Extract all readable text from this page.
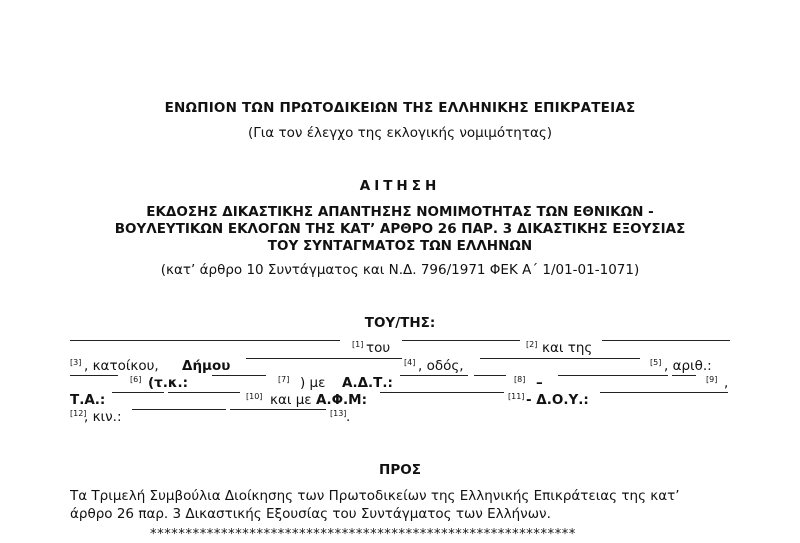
ΕΝΩΠΙΟΝ ΤΩΝ ΠΡΩΤΟΔΙΚΕΙΩΝ ΤΗΣ ΕΛΛΗΝΙΚΗΣ ΕΠΙΚΡΑΤΕΙΑΣ
(Για τον έλεγχο της εκλογικής νομιμότητας)
ΑΙΤΗΣΗ
ΕΚΔΟΣΗΣ ΔΙΚΑΣΤΙΚΗΣ ΑΠΑΝΤΗΣΗΣ ΝΟΜΙΜΟΤΗΤΑΣ ΤΩΝ ΕΘΝΙΚΩΝ -
ΒΟΥΛΕΥΤΙΚΩΝ ΕΚΛΟΓΩΝ ΤΗΣ ΚΑΤ’ ΑΡΘΡΟ 26 ΠΑΡ. 3 ΔΙΚΑΣΤΙΚΗΣ ΕΞΟΥΣΙΑΣ
ΤΟΥ ΣΥΝΤΑΓΜΑΤΟΣ ΤΩΝ ΕΛΛΗΝΩΝ
(κατ’ άρθρο 10 Συντάγματος και Ν.Δ. 796/1971 ΦΕΚ Α΄ 1/01-01-1071)
ΤΟΥ/ΤΗΣ:
[1] του	[2] και της
[3] , κατοίκου, Δήμου	[4] , οδός,	[5] , αριθ.:
[6] (τ.κ.:	[7] ) με Α.Δ.Τ.:	[8] –	[9] ,
Τ.Α.:	[10] και με Α.Φ.Μ:	[11] - Δ.Ο.Υ.:
[12]
, κιν.:	[13] .
ΠΡΟΣ
Τα Τριμελή Συμβούλια Διοίκησης των Πρωτοδικείων της Ελληνικής Επικράτειας της κατ’
άρθρο 26 παρ. 3 Δικαστικής Εξουσίας του Συντάγματος των Ελλήνων.
************************************************************
